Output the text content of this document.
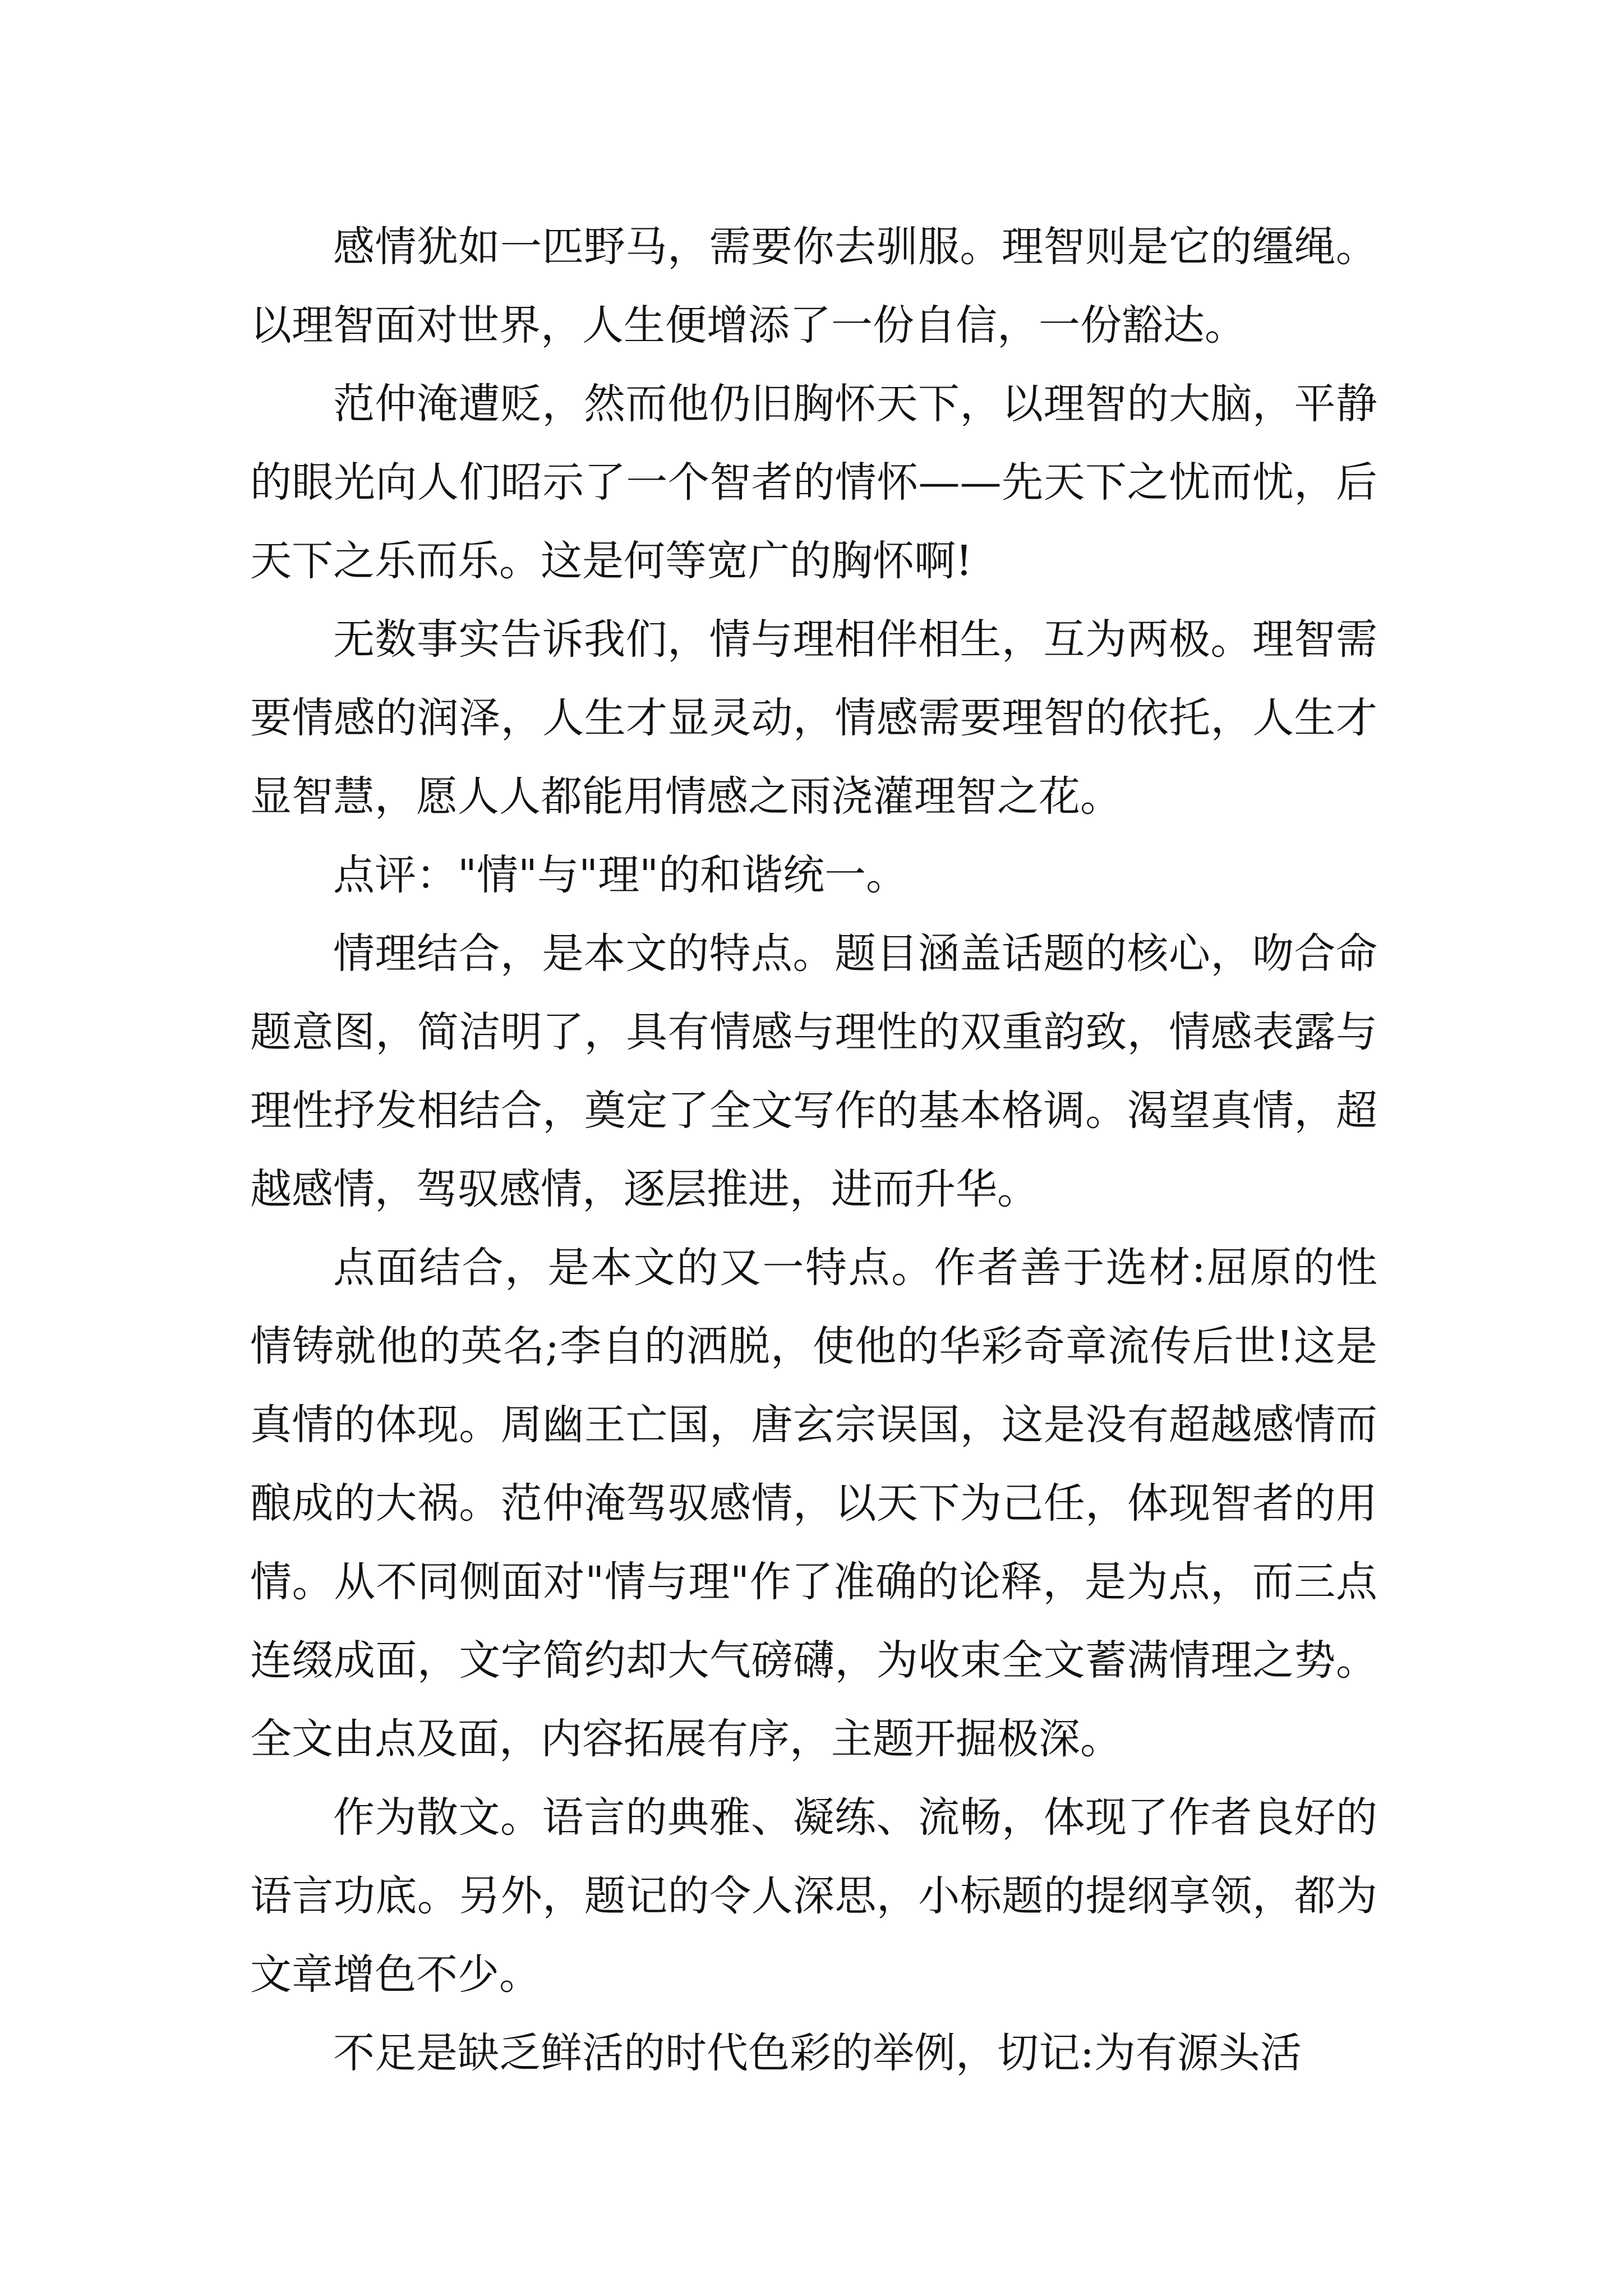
感情犹如一匹野马，需要你去驯服。理智则是它的缰绳。以理智面对世界，人生便增添了一份自信，一份豁达。

范仲淹遭贬，然而他仍旧胸怀天下，以理智的大脑，平静的眼光向人们昭示了一个智者的情怀——先天下之忧而忧，后天下之乐而乐。这是何等宽广的胸怀啊!

无数事实告诉我们，情与理相伴相生，互为两极。理智需要情感的润泽，人生才显灵动，情感需要理智的依托，人生才显智慧，愿人人都能用情感之雨浇灌理智之花。

点评："情"与"理"的和谐统一。

情理结合，是本文的特点。题目涵盖话题的核心，吻合命题意图，简洁明了，具有情感与理性的双重韵致，情感表露与理性抒发相结合，奠定了全文写作的基本格调。渴望真情，超越感情，驾驭感情，逐层推进，进而升华。

点面结合，是本文的又一特点。作者善于选材:屈原的性情铸就他的英名;李自的洒脱，使他的华彩奇章流传后世!这是真情的体现。周幽王亡国，唐玄宗误国，这是没有超越感情而酿成的大祸。范仲淹驾驭感情，以天下为己任，体现智者的用情。从不同侧面对"情与理"作了准确的论释，是为点，而三点连缀成面，文字简约却大气磅礴，为收束全文蓄满情理之势。全文由点及面，内容拓展有序，主题开掘极深。

作为散文。语言的典雅、凝练、流畅，体现了作者良好的语言功底。另外，题记的令人深思，小标题的提纲享领，都为文章增色不少。

不足是缺乏鲜活的时代色彩的举例，切记:为有源头活
